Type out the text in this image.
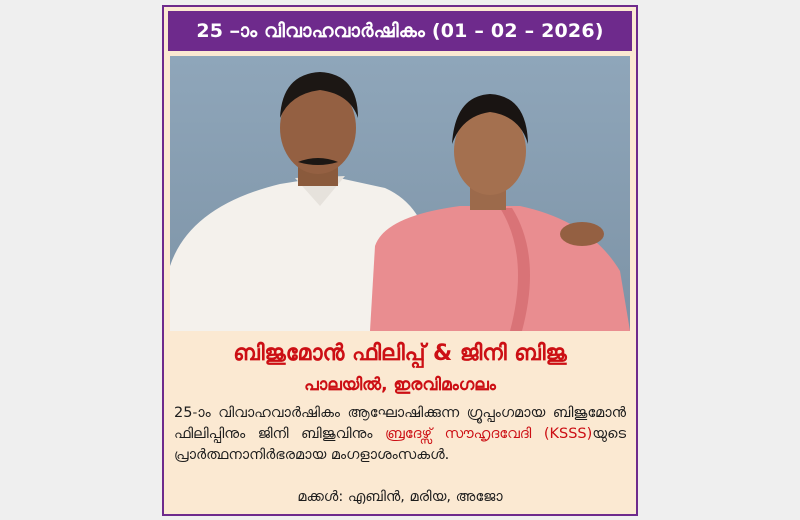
25 –ാം വിവാഹവാർഷികം (01 – 02 – 2026)
ബിജുമോൻ ഫിലിപ്പ് & ജിനി ബിജു
പാലയിൽ, ഇരവിമംഗലം
25-ാം വിവാഹവാർഷികം ആഘോഷിക്കുന്ന ഗ്രൂപ്പംഗമായ ബിജുമോൻ ഫിലിപ്പിനും ജിനി ബിജുവിനും ബ്രദേഴ്സ് സൗഹൃദവേദി (KSSS)യുടെ പ്രാർത്ഥനാനിർഭരമായ മംഗളാശംസകൾ.
മക്കൾ: എബിൻ, മരിയ, അജോ
